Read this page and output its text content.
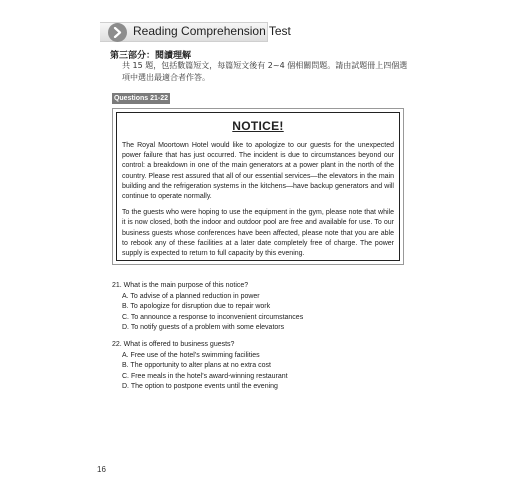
Reading Comprehension Test
第三部分：閱讀理解
共 15 題，包括數篇短文，每篇短文後有 2~4 個相關問題。請由試題冊上四個選項中選出最適合者作答。
Questions 21-22
NOTICE!

The Royal Moortown Hotel would like to apologize to our guests for the unexpected power failure that has just occurred. The incident is due to circumstances beyond our control: a breakdown in one of the main generators at a power plant in the north of the country. Please rest assured that all of our essential services—the elevators in the main building and the refrigeration systems in the kitchens—have backup generators and will continue to operate normally.

To the guests who were hoping to use the equipment in the gym, please note that while it is now closed, both the indoor and outdoor pool are free and available for use. To our business guests whose conferences have been affected, please note that you are able to rebook any of these facilities at a later date completely free of charge. The power supply is expected to return to full capacity by this evening.

21. What is the main purpose of this notice?
A. To advise of a planned reduction in power
B. To apologize for disruption due to repair work
C. To announce a response to inconvenient circumstances
D. To notify guests of a problem with some elevators
22. What is offered to business guests?
A. Free use of the hotel’s swimming facilities
B. The opportunity to alter plans at no extra cost
C. Free meals in the hotel’s award-winning restaurant
D. The option to postpone events until the evening
16
